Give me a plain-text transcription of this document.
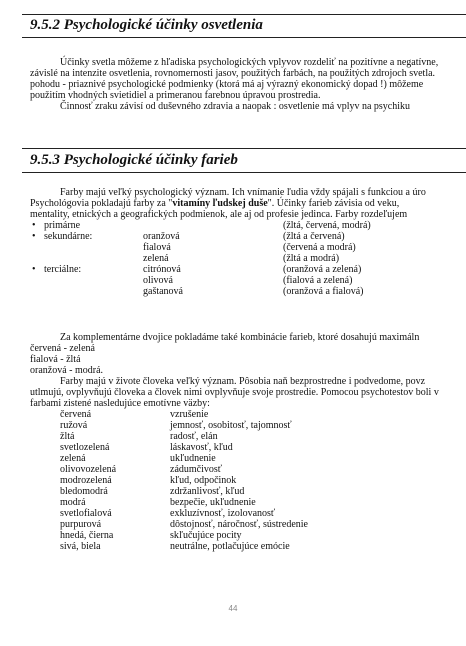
9.5.2 Psychologické účinky osvetlenia
Účinky svetla môžeme z hľadiska psychologických vplyvov rozdeliť na pozitívne a negatívne,
závislé na intenzite osvetlenia, rovnomernosti jasov, použitých farbách, na použitých zdrojoch svetla.
pohodu - priaznivé psychologické podmienky (ktorá má aj výrazný ekonomický dopad !) môžeme
použitím vhodných svietidiel a primeranou farebnou úpravou prostredia.
Činnosť zraku závisí od duševného zdravia a naopak : osvetlenie má vplyv na psychiku
9.5.3 Psychologické účinky farieb
Farby majú veľký psychologický význam. Ich vnímanie ľudia vždy spájali s funkciou a úro
Psychológovia pokladajú farby za "vitamíny ľudskej duše". Účinky farieb závisia od veku,
mentality, etnických a geografických podmienok, ale aj od profesie jedinca. Farby rozdeľujem
• primárne	(žltá, červená, modrá)
• sekundárne:	oranžová	(žltá a červená)
fialová	(červená a modrá)
zelená	(žltá a modrá)
• terciálne:	citrónová	(oranžová a zelená)
olivová	(fialová a zelená)
gaštanová	(oranžová a fialová)
Za komplementárne dvojice pokladáme také kombinácie farieb, ktoré dosahujú maximáln
červená - zelená
fialová - žltá
oranžová - modrá.
Farby majú v živote človeka veľký význam. Pôsobia naň bezprostredne i podvedome, povz
utlmujú, ovplyvňujú človeka a človek nimi ovplyvňuje svoje prostredie. Pomocou psychotestov boli v
farbami zistené nasledujúce emotívne väzby:
červená	vzrušenie
ružová	jemnosť, osobitosť, tajomnosť
žltá	radosť, elán
svetlozelená	láskavosť, kľud
zelená	ukľudnenie
olivovozelená	zádumčivosť
modrozelená	kľud, odpočinok
bledomodrá	zdržanlivosť, kľud
modrá	bezpečie, ukľudnenie
svetlofialová	exkluzívnosť, izolovanosť
purpurová	dôstojnosť, náročnosť, sústredenie
hnedá, čierna	skľučujúce pocity
sivá, biela	neutrálne, potlačujúce emócie
44
